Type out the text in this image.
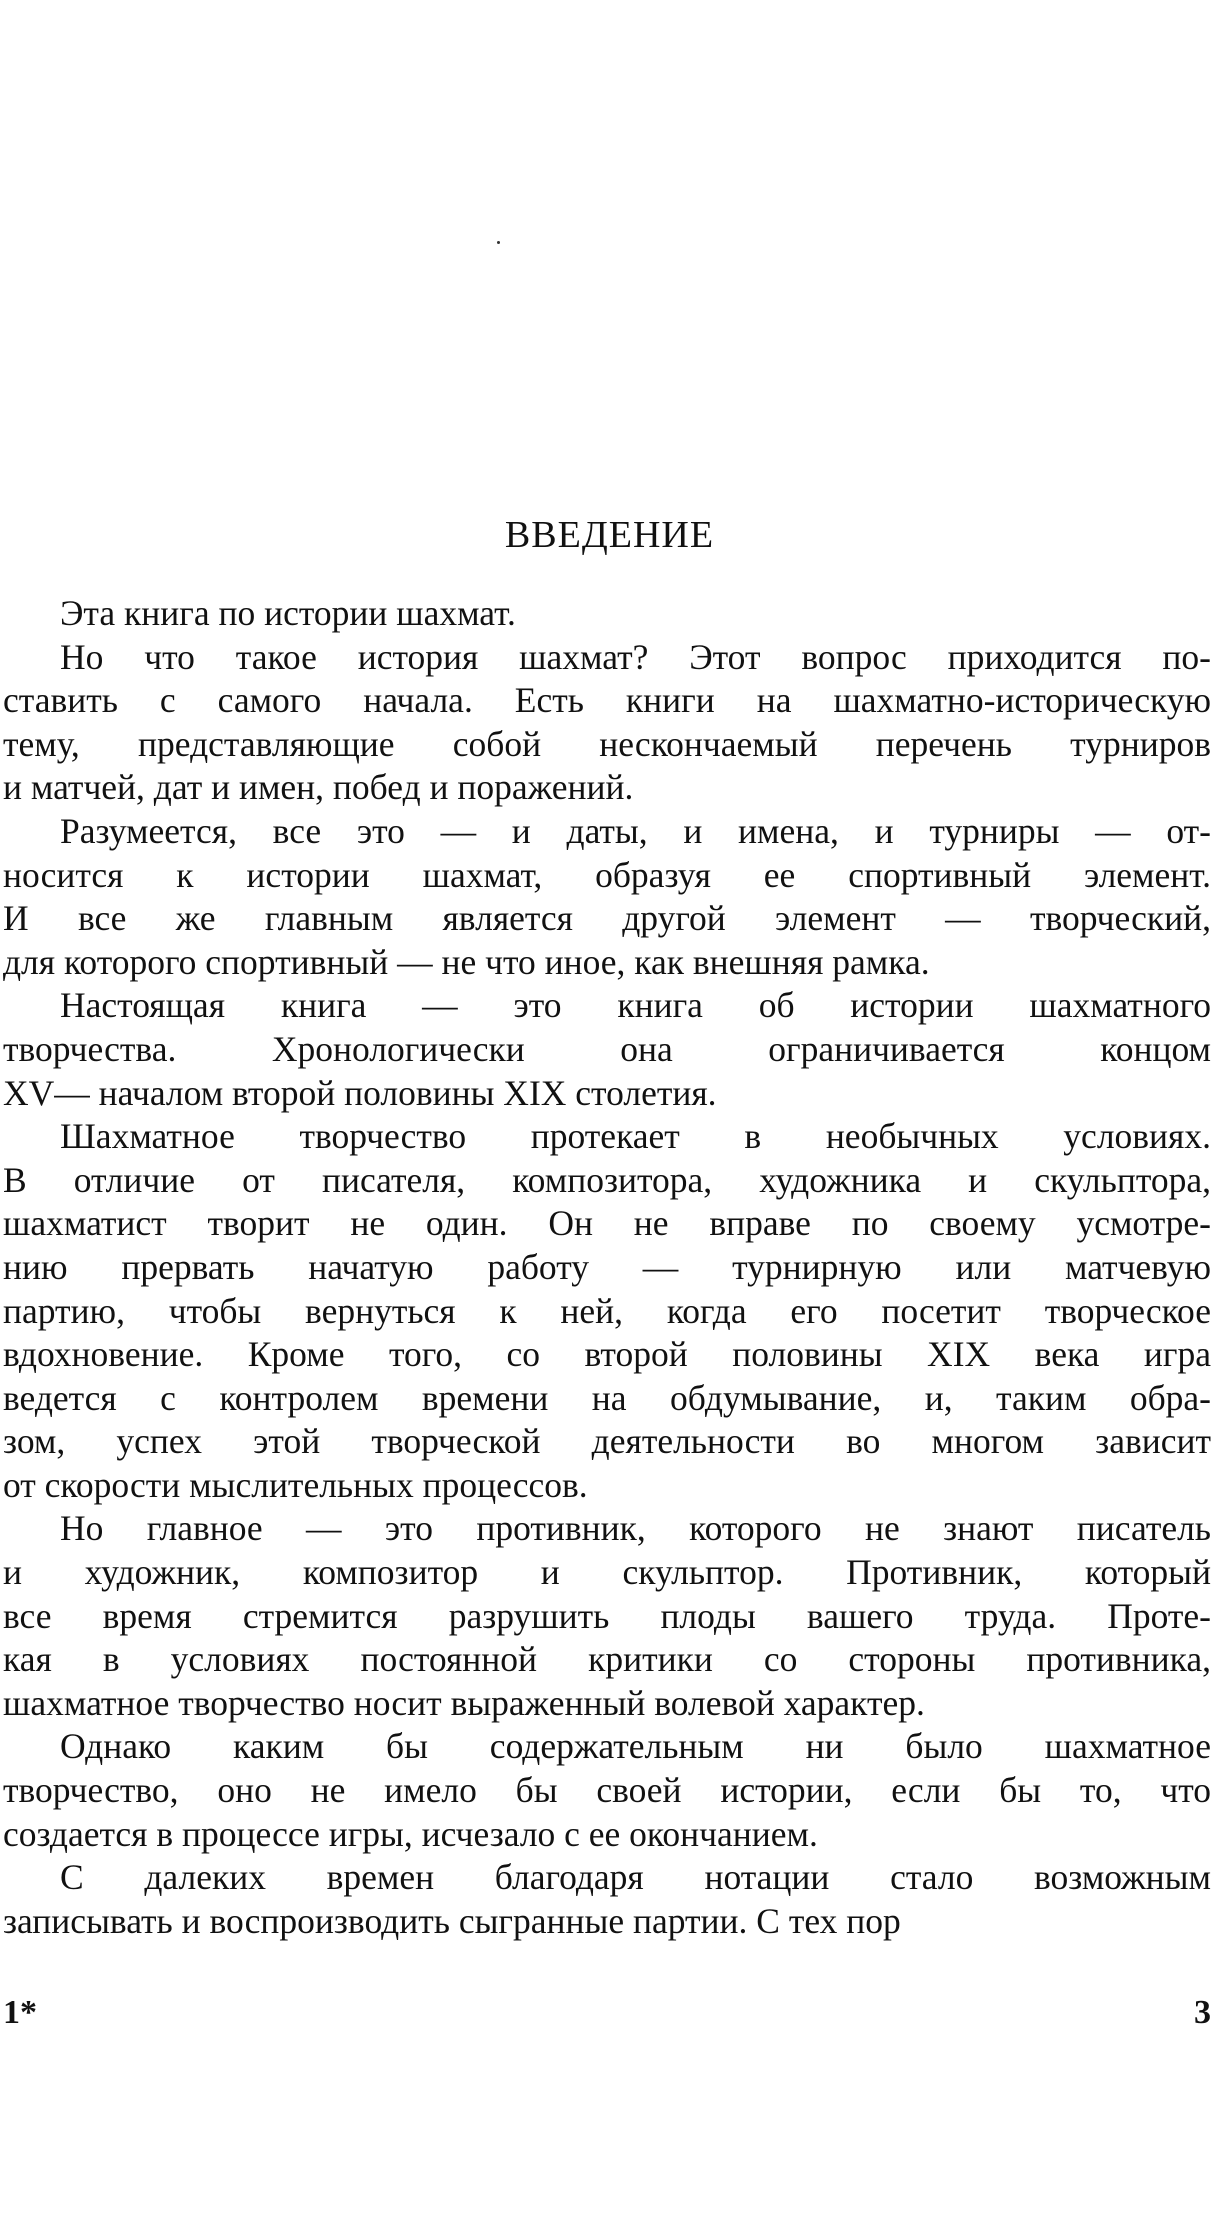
ВВЕДЕНИЕ
Эта книга по истории шахмат.
Но что такое история шахмат? Этот вопрос приходится по-
ставить с самого начала. Есть книги на шахматно-историческую
тему, представляющие собой нескончаемый перечень турниров
и матчей, дат и имен, побед и поражений.
Разумеется, все это — и даты, и имена, и турниры — от-
носится к истории шахмат, образуя ее спортивный элемент.
И все же главным является другой элемент — творческий,
для которого спортивный — не что иное, как внешняя рамка.
Настоящая книга — это книга об истории шахматного
творчества. Хронологически она ограничивается концом
XV— началом второй половины XIX столетия.
Шахматное творчество протекает в необычных условиях.
В отличие от писателя, композитора, художника и скульптора,
шахматист творит не один. Он не вправе по своему усмотре-
нию прервать начатую работу — турнирную или матчевую
партию, чтобы вернуться к ней, когда его посетит творческое
вдохновение. Кроме того, со второй половины XIX века игра
ведется с контролем времени на обдумывание, и, таким обра-
зом, успех этой творческой деятельности во многом зависит
от скорости мыслительных процессов.
Но главное — это противник, которого не знают писатель
и художник, композитор и скульптор. Противник, который
все время стремится разрушить плоды вашего труда. Проте-
кая в условиях постоянной критики со стороны противника,
шахматное творчество носит выраженный волевой характер.
Однако каким бы содержательным ни было шахматное
творчество, оно не имело бы своей истории, если бы то, что
создается в процессе игры, исчезало с ее окончанием.
С далеких времен благодаря нотации стало возможным
записывать и воспроизводить сыгранные партии. С тех пор
1*	3
